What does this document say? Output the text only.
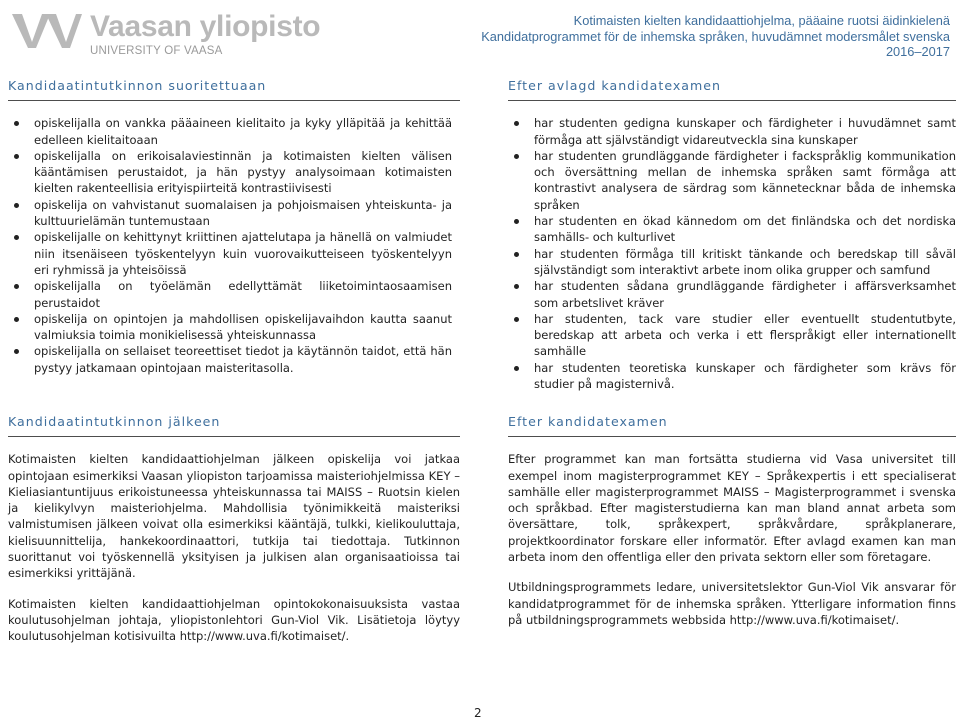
Vaasan yliopisto
UNIVERSITY OF VAASA
Kotimaisten kielten kandidaattiohjelma, pääaine ruotsi äidinkielenä
Kandidatprogrammet för de inhemska språken, huvudämnet modersmålet svenska
2016–2017
Kandidaatintutkinnon suoritettuaan
opiskelijalla on vankka pääaineen kielitaito ja kyky ylläpitää ja kehittää edelleen kielitaitoaan
opiskelijalla on erikoisalaviestinnän ja kotimaisten kielten välisen kääntämisen perustaidot, ja hän pystyy analysoimaan kotimaisten kielten rakenteellisia erityispiirteitä kontrastiivisesti
opiskelija on vahvistanut suomalaisen ja pohjoismaisen yhteiskunta- ja kulttuurielämän tuntemustaan
opiskelijalle on kehittynyt kriittinen ajattelutapa ja hänellä on valmiudet niin itsenäiseen työskentelyyn kuin vuorovaikutteiseen työskentelyyn eri ryhmissä ja yhteisöissä
opiskelijalla on työelämän edellyttämät liiketoimintaosaamisen perustaidot
opiskelija on opintojen ja mahdollisen opiskelijavaihdon kautta saanut valmiuksia toimia monikielisessä yhteiskunnassa
opiskelijalla on sellaiset teoreettiset tiedot ja käytännön taidot, että hän pystyy jatkamaan opintojaan maisteritasolla.
Efter avlagd kandidatexamen
har studenten gedigna kunskaper och färdigheter i huvudämnet samt förmåga att självständigt vidareutveckla sina kunskaper
har studenten grundläggande färdigheter i fackspråklig kommunikation och översättning mellan de inhemska språken samt förmåga att kontrastivt analysera de särdrag som kännetecknar båda de inhemska språken
har studenten en ökad kännedom om det finländska och det nordiska samhälls- och kulturlivet
har studenten förmåga till kritiskt tänkande och beredskap till såväl självständigt som interaktivt arbete inom olika grupper och samfund
har studenten sådana grundläggande färdigheter i affärsverksamhet som arbetslivet kräver
har studenten, tack vare studier eller eventuellt studentutbyte, beredskap att arbeta och verka i ett flerspråkigt eller internationellt samhälle
har studenten teoretiska kunskaper och färdigheter som krävs för studier på magisternivå.
Kandidaatintutkinnon jälkeen

Kotimaisten kielten kandidaattiohjelman jälkeen opiskelija voi jatkaa opintojaan esimerkiksi Vaasan yliopiston tarjoamissa maisteriohjelmissa KEY – Kieliasiantuntijuus erikoistuneessa yhteiskunnassa tai MAISS – Ruotsin kielen ja kielikylvyn maisteriohjelma. Mahdollisia työnimikkeitä maisteriksi valmistumisen jälkeen voivat olla esimerkiksi kääntäjä, tulkki, kielikouluttaja, kielisuunnittelija, hankekoordinaattori, tutkija tai tiedottaja. Tutkinnon suorittanut voi työskennellä yksityisen ja julkisen alan organisaatioissa tai esimerkiksi yrittäjänä.

Kotimaisten kielten kandidaattiohjelman opintokokonaisuuksista vastaa koulutusohjelman johtaja, yliopistonlehtori Gun-Viol Vik. Lisätietoja löytyy koulutusohjelman kotisivuilta http://www.uva.fi/kotimaiset/.

Efter kandidatexamen

Efter programmet kan man fortsätta studierna vid Vasa universitet till exempel inom magisterprogrammet KEY – Språkexpertis i ett specialiserat samhälle eller magisterprogrammet MAISS – Magisterprogrammet i svenska och språkbad. Efter magisterstudierna kan man bland annat arbeta som översättare, tolk, språkexpert, språkvårdare, språkplanerare, projektkoordinator forskare eller informatör. Efter avlagd examen kan man arbeta inom den offentliga eller den privata sektorn eller som företagare.

Utbildningsprogrammets ledare, universitetslektor Gun-Viol Vik ansvarar för kandidatprogrammet för de inhemska språken. Ytterligare information finns på utbildningsprogrammets webbsida http://www.uva.fi/kotimaiset/.

2
